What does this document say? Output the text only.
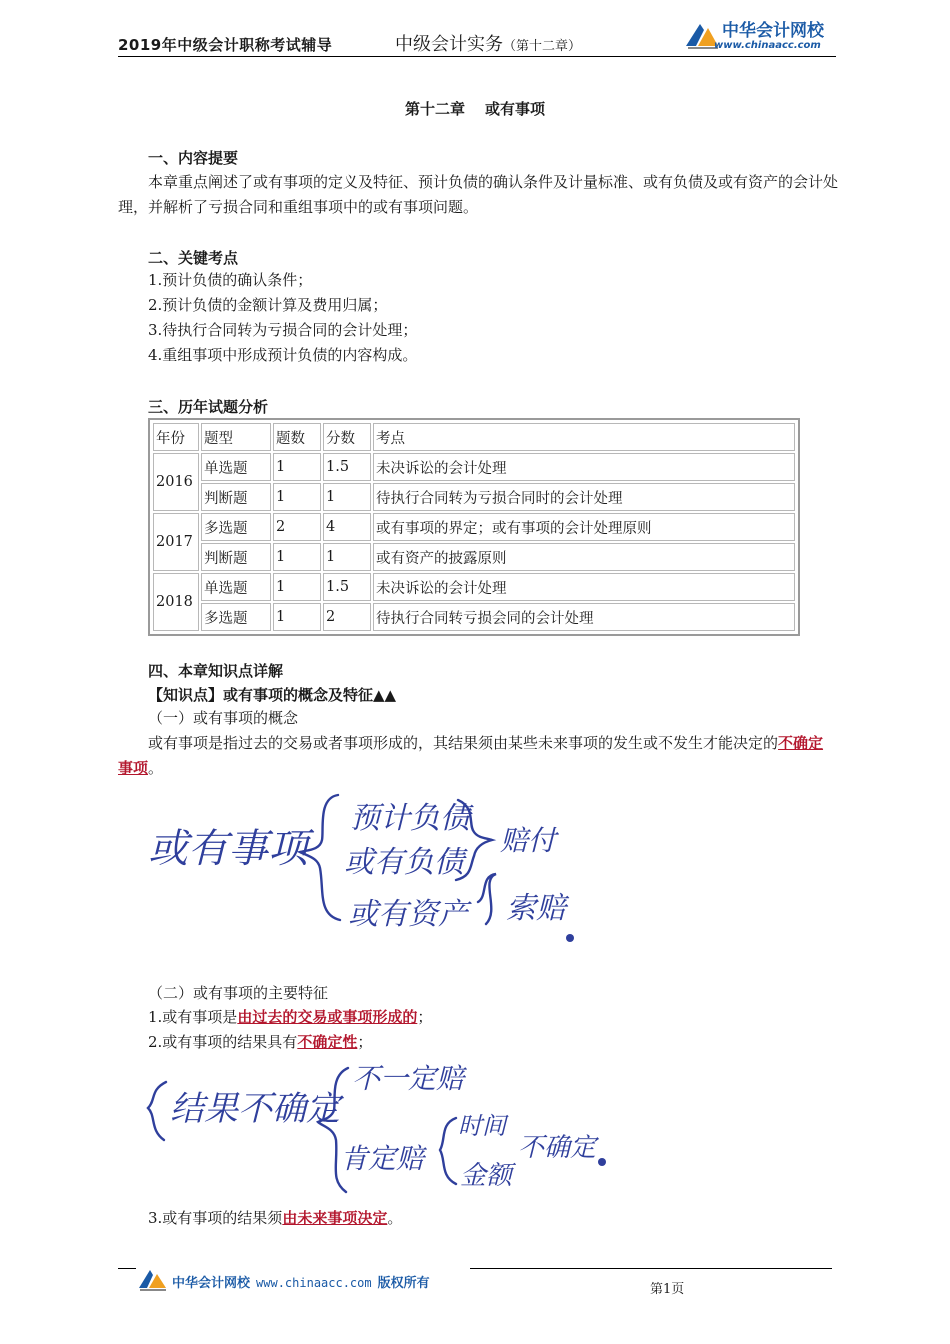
2019年中级会计职称考试辅导	中级会计实务（第十二章）
中华会计网校
www.chinaacc.com
第十二章 或有事项
一、内容提要
本章重点阐述了或有事项的定义及特征、预计负债的确认条件及计量标准、或有负债及或有资产的会计处理，并解析了亏损合同和重组事项中的或有事项问题。
二、关键考点
1.预计负债的确认条件；
2.预计负债的金额计算及费用归属；
3.待执行合同转为亏损合同的会计处理；
4.重组事项中形成预计负债的内容构成。
三、历年试题分析
年份	题型	题数	分数	考点
2016	单选题	1	1.5	未决诉讼的会计处理
	判断题	1	1	待执行合同转为亏损合同时的会计处理
2017	多选题	2	4	或有事项的界定；或有事项的会计处理原则
	判断题	1	1	或有资产的披露原则
2018	单选题	1	1.5	未决诉讼的会计处理
	多选题	1	2	待执行合同转亏损会同的会计处理
四、本章知识点详解
【知识点】或有事项的概念及特征▲▲
（一）或有事项的概念
或有事项是指过去的交易或者事项形成的，其结果须由某些未来事项的发生或不发生才能决定的不确定事项。
（二）或有事项的主要特征
1.或有事项是由过去的交易或事项形成的；
2.或有事项的结果具有不确定性；
3.或有事项的结果须由未来事项决定。
或有事项
预计负债
或有负债
或有资产
赔付
索赔
结果不确定
不一定赔
肯定赔
时间
金额
不确定
中华会计网校 www.chinaacc.com 版权所有	第1页
